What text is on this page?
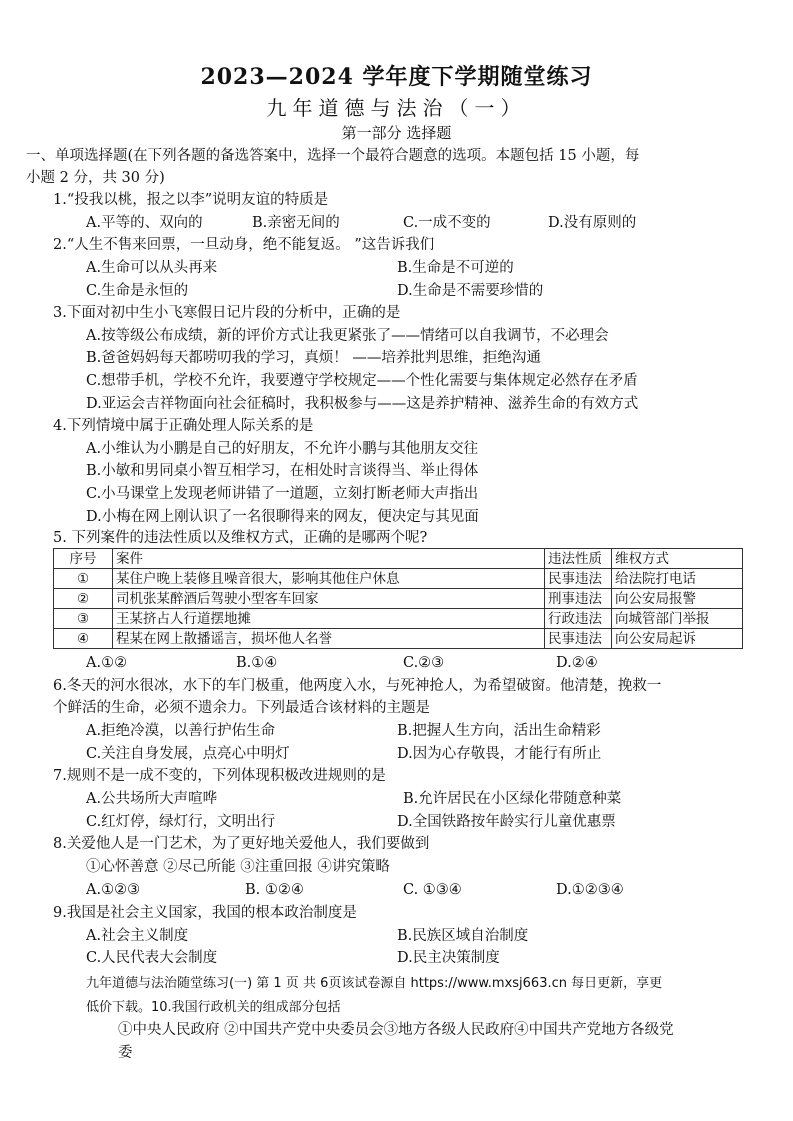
2023—2024 学年度下学期随堂练习
九年道德与法治（一）
第一部分 选择题
一、单项选择题(在下列各题的备选答案中，选择一个最符合题意的选项。本题包括 15 小题，每
小题 2 分，共 30 分)
1.“投我以桃，报之以李”说明友谊的特质是
A.平等的、双向的	B.亲密无间的	C.一成不变的	D.没有原则的
2.“人生不售来回票，一旦动身，绝不能复返。 ”这告诉我们
A.生命可以从头再来	B.生命是不可逆的
C.生命是永恒的	D.生命是不需要珍惜的
3.下面对初中生小飞寒假日记片段的分析中，正确的是
A.按等级公布成绩，新的评价方式让我更紧张了——情绪可以自我调节，不必理会
B.爸爸妈妈每天都唠叨我的学习，真烦！ ——培养批判思维，拒绝沟通
C.想带手机，学校不允许，我要遵守学校规定——个性化需要与集体规定必然存在矛盾
D.亚运会吉祥物面向社会征稿时，我积极参与——这是养护精神、滋养生命的有效方式
4.下列情境中属于正确处理人际关系的是
A.小维认为小鹏是自己的好朋友，不允许小鹏与其他朋友交往
B.小敏和男同桌小智互相学习，在相处时言谈得当、举止得体
C.小马课堂上发现老师讲错了一道题，立刻打断老师大声指出
D.小梅在网上刚认识了一名很聊得来的网友，便决定与其见面
5. 下列案件的违法性质以及维权方式，正确的是哪两个呢?
序号	案件	违法性质	维权方式
①	某住户晚上装修且噪音很大，影响其他住户休息	民事违法	给法院打电话
②	司机张某醉酒后驾驶小型客车回家	刑事违法	向公安局报警
③	王某挤占人行道摆地摊	行政违法	向城管部门举报
④	程某在网上散播谣言，损坏他人名誉	民事违法	向公安局起诉
A.①②	B.①④	C.②③	D.②④
6.冬天的河水很冰，水下的车门极重，他两度入水，与死神抢人，为希望破窗。他清楚，挽救一
个鲜活的生命，必须不遗余力。下列最适合该材料的主题是
A.拒绝冷漠，以善行护佑生命	B.把握人生方向，活出生命精彩
C.关注自身发展，点亮心中明灯	D.因为心存敬畏，才能行有所止
7.规则不是一成不变的，下列体现积极改进规则的是
A.公共场所大声喧哗	B.允许居民在小区绿化带随意种菜
C.红灯停，绿灯行，文明出行	D.全国铁路按年龄实行儿童优惠票
8.关爱他人是一门艺术，为了更好地关爱他人，我们要做到
①心怀善意 ②尽己所能 ③注重回报 ④讲究策略
A.①②③	B. ①②④	C. ①③④	D.①②③④
9.我国是社会主义国家，我国的根本政治制度是
A.社会主义制度	B.民族区域自治制度
C.人民代表大会制度	D.民主决策制度
九年道德与法治随堂练习(一) 第 1 页 共 6页该试卷源自 https://www.mxsj663.cn 每日更新，享更
低价下载。10.我国行政机关的组成部分包括
①中央人民政府 ②中国共产党中央委员会③地方各级人民政府④中国共产党地方各级党
委
